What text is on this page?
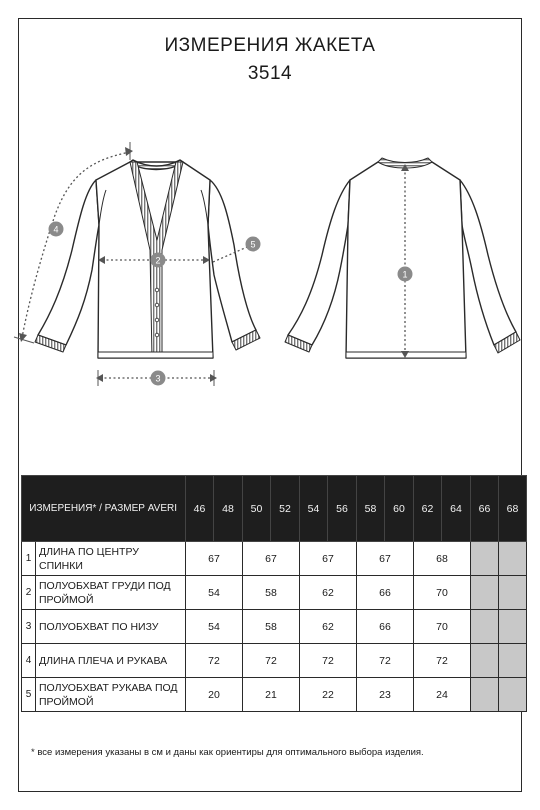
ИЗМЕРЕНИЯ ЖАКЕТА
3514
1
2
3
4
5
ИЗМЕРЕНИЯ* / РАЗМЕР AVERI		46	48	50	52	54	56	58	60	62	64	66	68
1	ДЛИНА ПО ЦЕНТРУ СПИНКИ	67		67		67		67		68			
2	ПОЛУОБХВАТ ГРУДИ ПОД ПРОЙМОЙ	54		58		62		66		70			
3	ПОЛУОБХВАТ ПО НИЗУ	54		58		62		66		70			
4	ДЛИНА ПЛЕЧА И РУКАВА	72		72		72		72		72			
5	ПОЛУОБХВАТ РУКАВА ПОД ПРОЙМОЙ	20		21		22		23		24			
* все измерения указаны в см и даны как ориентиры для оптимального выбора изделия.
